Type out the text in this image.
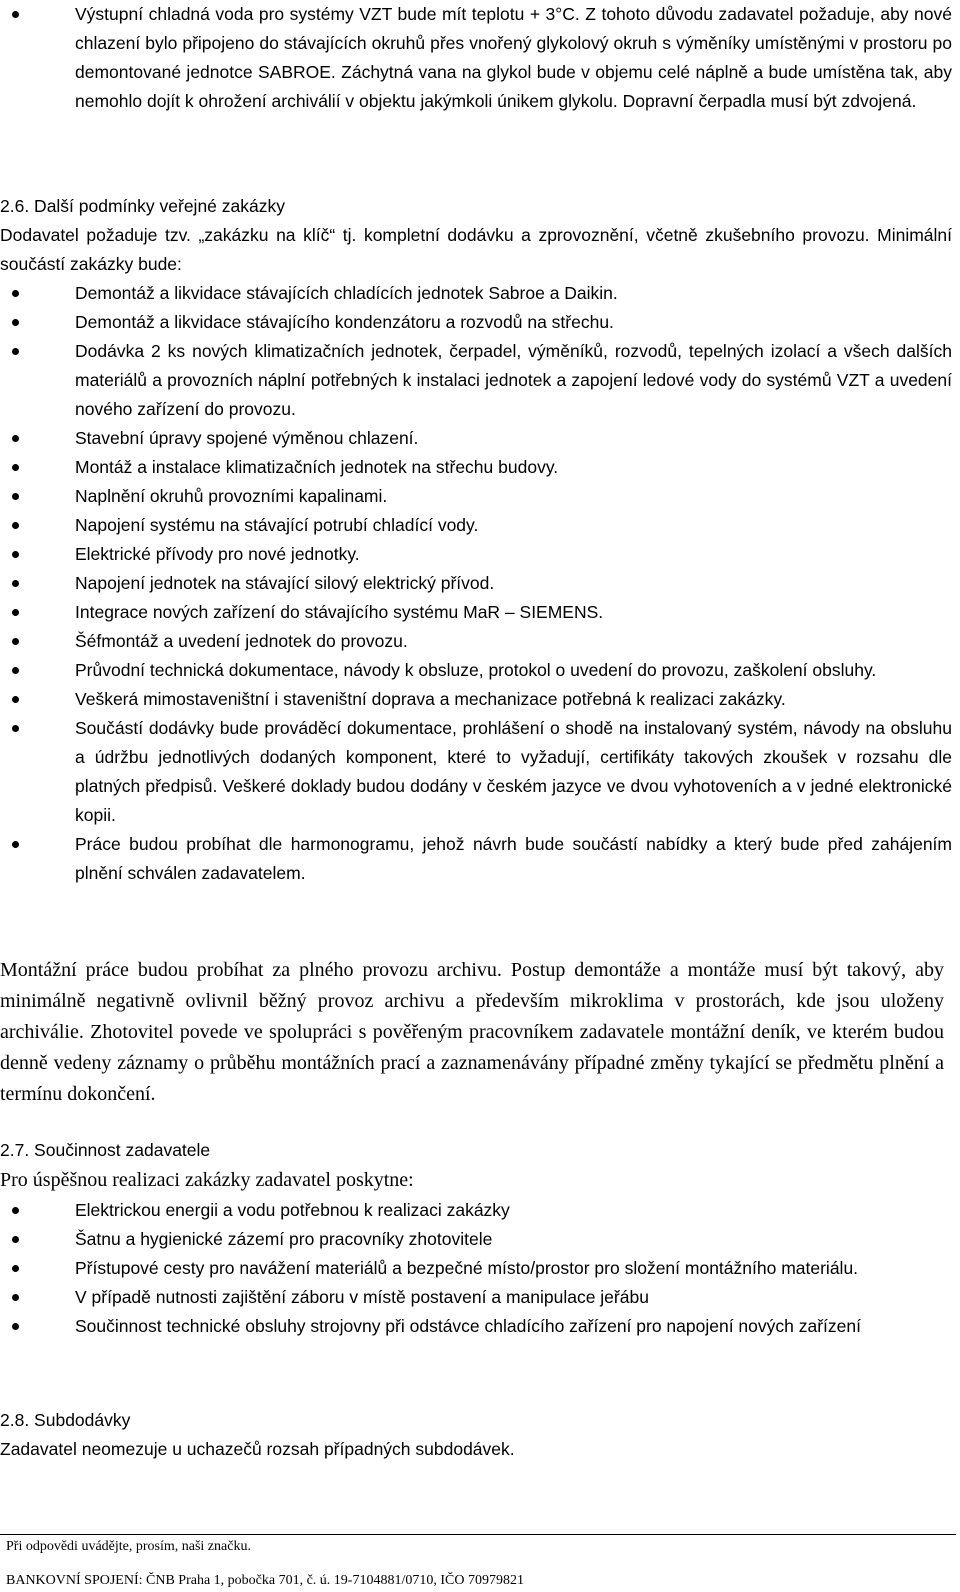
Výstupní chladná voda pro systémy VZT bude mít teplotu + 3°C. Z tohoto důvodu zadavatel požaduje, aby nové chlazení bylo připojeno do stávajících okruhů přes vnořený glykolový okruh s výměníky umístěnými v prostoru po demontované jednotce SABROE. Záchytná vana na glykol bude v objemu celé náplně a bude umístěna tak, aby nemohlo dojít k ohrožení archiválií v objektu jakýmkoli únikem glykolu. Dopravní čerpadla musí být zdvojená.

2.6. Další podmínky veřejné zakázky

Dodavatel požaduje tzv. „zakázku na klíč“ tj. kompletní dodávku a zprovoznění, včetně zkušebního provozu. Minimální součástí zakázky bude:

Demontáž a likvidace stávajících chladících jednotek Sabroe a Daikin.
Demontáž a likvidace stávajícího kondenzátoru a rozvodů na střechu.
Dodávka 2 ks nových klimatizačních jednotek, čerpadel, výměníků, rozvodů, tepelných izolací a všech dalších materiálů a provozních náplní potřebných k instalaci jednotek a zapojení ledové vody do systémů VZT a uvedení nového zařízení do provozu.
Stavební úpravy spojené výměnou chlazení.
Montáž a instalace klimatizačních jednotek na střechu budovy.
Naplnění okruhů provozními kapalinami.
Napojení systému na stávající potrubí chladící vody.
Elektrické přívody pro nové jednotky.
Napojení jednotek na stávající silový elektrický přívod.
Integrace nových zařízení do stávajícího systému MaR – SIEMENS.
Šéfmontáž a uvedení jednotek do provozu.
Průvodní technická dokumentace, návody k obsluze, protokol o uvedení do provozu, zaškolení obsluhy.
Veškerá mimostaveništní i staveništní doprava a mechanizace potřebná k realizaci zakázky.
Součástí dodávky bude prováděcí dokumentace, prohlášení o shodě na instalovaný systém, návody na obsluhu a údržbu jednotlivých dodaných komponent, které to vyžadují, certifikáty takových zkoušek v rozsahu dle platných předpisů. Veškeré doklady budou dodány v českém jazyce ve dvou vyhotoveních a v jedné elektronické kopii.
Práce budou probíhat dle harmonogramu, jehož návrh bude součástí nabídky a který bude před zahájením plnění schválen zadavatelem.

Montážní práce budou probíhat za plného provozu archivu. Postup demontáže a montáže musí být takový, aby minimálně negativně ovlivnil běžný provoz archivu a především mikroklima v prostorách, kde jsou uloženy archiválie. Zhotovitel povede ve spolupráci s pověřeným pracovníkem zadavatele montážní deník, ve kterém budou denně vedeny záznamy o průběhu montážních prací a zaznamenávány případné změny tykající se předmětu plnění a termínu dokončení.

2.7. Součinnost zadavatele

Pro úspěšnou realizaci zakázky zadavatel poskytne:

Elektrickou energii a vodu potřebnou k realizaci zakázky
Šatnu a hygienické zázemí pro pracovníky zhotovitele
Přístupové cesty pro navážení materiálů a bezpečné místo/prostor pro složení montážního materiálu.
V případě nutnosti zajištění záboru v místě postavení a manipulace jeřábu
Součinnost technické obsluhy strojovny při odstávce chladícího zařízení pro napojení nových zařízení

2.8. Subdodávky

Zadavatel neomezuje u uchazečů rozsah případných subdodávek.

Při odpovědi uvádějte, prosím, naši značku.
BANKOVNÍ SPOJENÍ: ČNB Praha 1, pobočka 701, č. ú. 19-7104881/0710, IČO 70979821
